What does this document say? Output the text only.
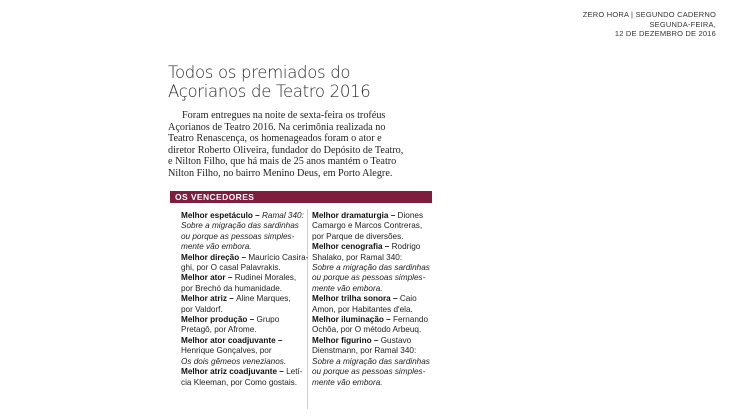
ZERO HORA | SEGUNDO CADERNO
SEGUNDA-FEIRA,
12 DE DEZEMBRO DE 2016
Todos os premiados do
Açorianos de Teatro 2016
Foram entregues na noite de sexta-feira os troféus
Açorianos de Teatro 2016. Na cerimônia realizada no
Teatro Renascença, os homenageados foram o ator e
diretor Roberto Oliveira, fundador do Depósito de Teatro,
e Nilton Filho, que há mais de 25 anos mantém o Teatro
Nilton Filho, no bairro Menino Deus, em Porto Alegre.
OS VENCEDORES
Melhor espetáculo – Ramal 340:
Sobre a migração das sardinhas
ou porque as pessoas simples-
mente vão embora.
Melhor direção – Maurício Casira-
ghi, por O casal Palavrakis.
Melhor ator – Rudinei Morales,
por Brechó da humanidade.
Melhor atriz – Aline Marques,
por Valdorf.
Melhor produção – Grupo
Pretagô, por Afrome.
Melhor ator coadjuvante –
Henrique Gonçalves, por
Os dois gêmeos venezianos.
Melhor atriz coadjuvante – Letí-
cia Kleeman, por Como gostais.
Melhor dramaturgia – Diones
Camargo e Marcos Contreras,
por Parque de diversões.
Melhor cenografia – Rodrigo
Shalako, por Ramal 340:
Sobre a migração das sardinhas
ou porque as pessoas simples-
mente vão embora.
Melhor trilha sonora – Caio
Amon, por Habitantes d'ela.
Melhor iluminação – Fernando
Ochôa, por O método Arbeuq.
Melhor figurino – Gustavo
Dienstmann, por Ramal 340:
Sobre a migração das sardinhas
ou porque as pessoas simples-
mente vão embora.
